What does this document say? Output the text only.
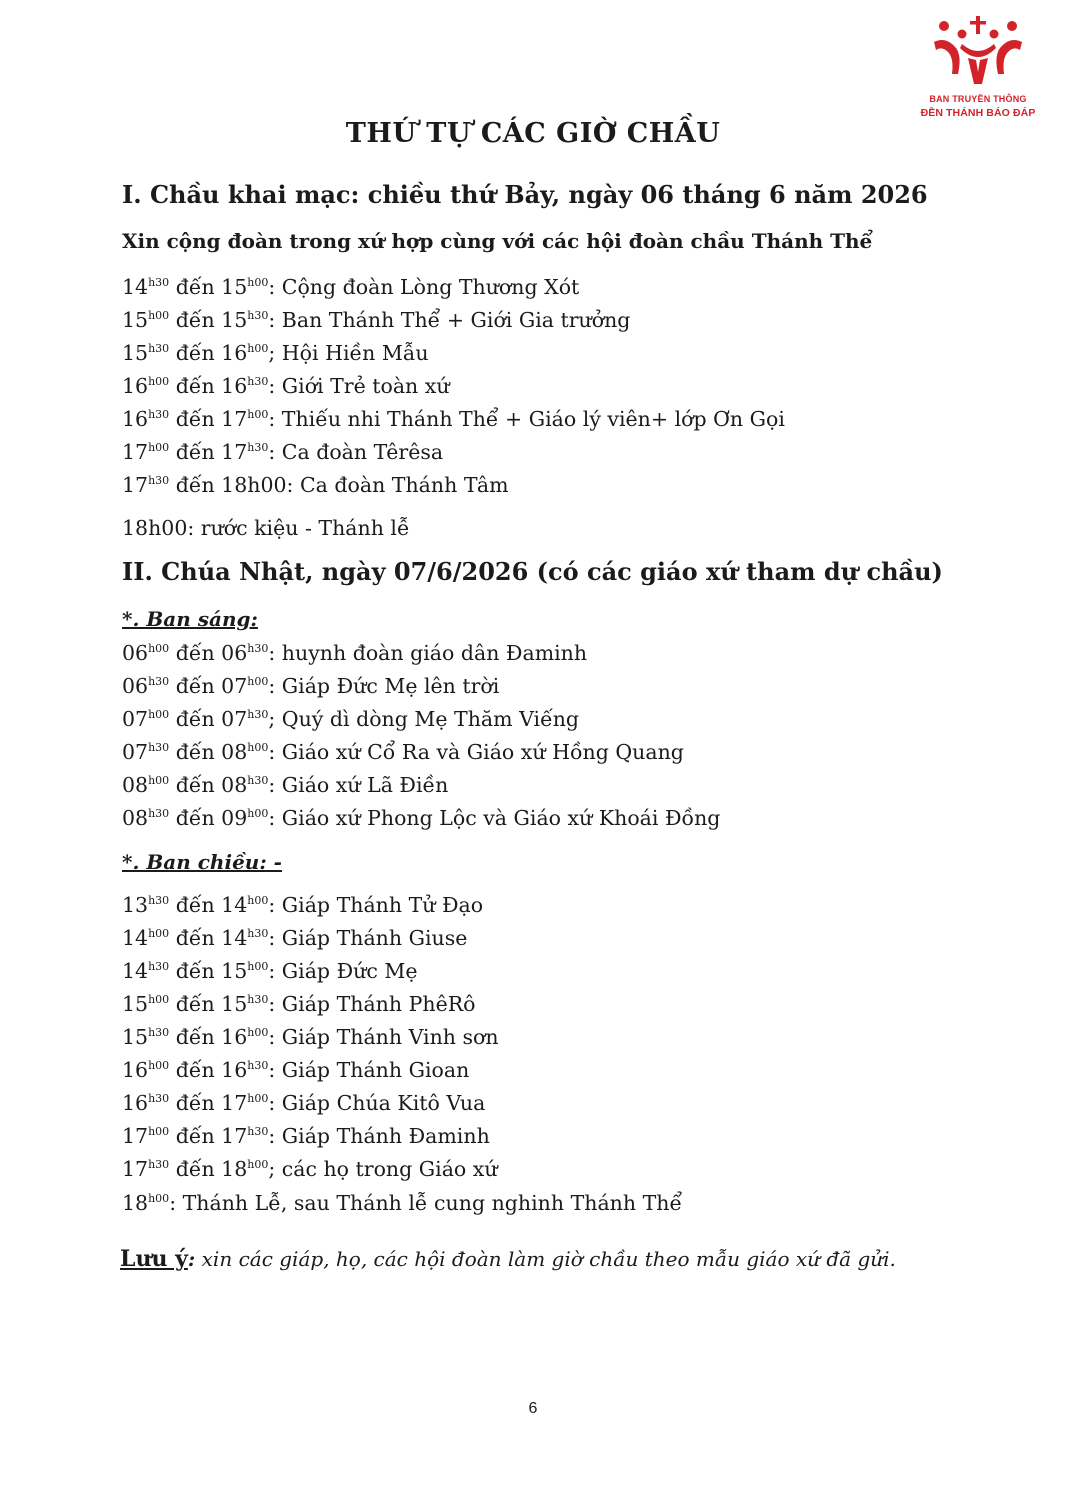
BAN TRUYỀN THÔNG
ĐỀN THÁNH BÁO ĐÁP
THỨ TỰ CÁC GIỜ CHẦU
I. Chầu khai mạc: chiều thứ Bảy, ngày 06 tháng 6 năm 2026
Xin cộng đoàn trong xứ hợp cùng với các hội đoàn chầu Thánh Thể
$14^{h30}$ đến $15^{h00}$: Cộng đoàn Lòng Thương Xót
$15^{h00}$ đến $15^{h30}$: Ban Thánh Thể + Giới Gia trưởng
$15^{h30}$ đến $16^{h00}$; Hội Hiền Mẫu
$16^{h00}$ đến $16^{h30}$: Giới Trẻ toàn xứ
$16^{h30}$ đến $17^{h00}$: Thiếu nhi Thánh Thể + Giáo lý viên+ lớp Ơn Gọi
$17^{h00}$ đến $17^{h30}$: Ca đoàn Têrêsa
$17^{h30}$ đến 18h00: Ca đoàn Thánh Tâm
18h00: rước kiệu - Thánh lễ
II. Chúa Nhật, ngày 07/6/2026 (có các giáo xứ tham dự chầu)
*. Ban sáng:
$06^{h00}$ đến $06^{h30}$: huynh đoàn giáo dân Đaminh
$06^{h30}$ đến $07^{h00}$: Giáp Đức Mẹ lên trời
$07^{h00}$ đến $07^{h30}$; Quý dì dòng Mẹ Thăm Viếng
$07^{h30}$ đến $08^{h00}$: Giáo xứ Cổ Ra và Giáo xứ Hồng Quang
$08^{h00}$ đến $08^{h30}$: Giáo xứ Lã Điền
$08^{h30}$ đến $09^{h00}$: Giáo xứ Phong Lộc và Giáo xứ Khoái Đồng
*. Ban chiều: -
$13^{h30}$ đến $14^{h00}$: Giáp Thánh Tử Đạo
$14^{h00}$ đến $14^{h30}$: Giáp Thánh Giuse
$14^{h30}$ đến $15^{h00}$: Giáp Đức Mẹ
$15^{h00}$ đến $15^{h30}$: Giáp Thánh PhêRô
$15^{h30}$ đến $16^{h00}$: Giáp Thánh Vinh sơn
$16^{h00}$ đến $16^{h30}$: Giáp Thánh Gioan
$16^{h30}$ đến $17^{h00}$: Giáp Chúa Kitô Vua
$17^{h00}$ đến $17^{h30}$: Giáp Thánh Đaminh
$17^{h30}$ đến $18^{h00}$; các họ trong Giáo xứ
$18^{h00}$: Thánh Lễ, sau Thánh lễ cung nghinh Thánh Thể
Lưu ý: xin các giáp, họ, các hội đoàn làm giờ chầu theo mẫu giáo xứ đã gửi.
6
